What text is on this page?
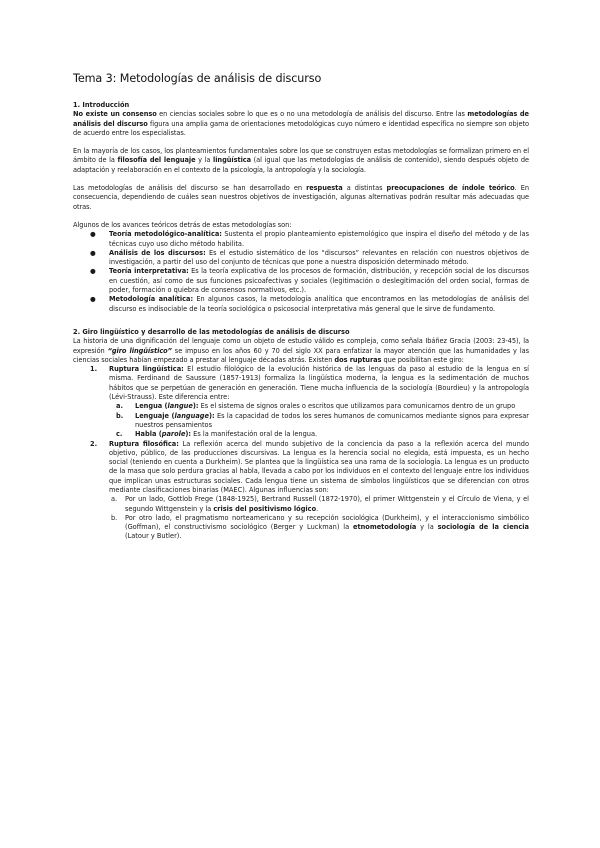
Tema 3: Metodologías de análisis de discurso
1. Introducción

No existe un consenso en ciencias sociales sobre lo que es o no una metodología de análisis del discurso. Entre las metodologías de análisis del discurso figura una amplia gama de orientaciones metodológicas cuyo número e identidad específica no siempre son objeto de acuerdo entre los especialistas.

En la mayoría de los casos, los planteamientos fundamentales sobre los que se construyen estas metodologías se formalizan primero en el ámbito de la filosofía del lenguaje y la lingüística (al igual que las metodologías de análisis de contenido), siendo después objeto de adaptación y reelaboración en el contexto de la psicología, la antropología y la sociología.

Las metodologías de análisis del discurso se han desarrollado en respuesta a distintas preocupaciones de índole teórico. En consecuencia, dependiendo de cuáles sean nuestros objetivos de investigación, algunas alternativas podrán resultar más adecuadas que otras.

Algunos de los avances teóricos detrás de estas metodologías son:

● Teoría metodológico-analítica: Sustenta el propio planteamiento epistemológico que inspira el diseño del método y de las técnicas cuyo uso dicho método habilita.
● Análisis de los discursos: Es el estudio sistemático de los “discursos” relevantes en relación con nuestros objetivos de investigación, a partir del uso del conjunto de técnicas que pone a nuestra disposición determinado método.
● Teoría interpretativa: Es la teoría explicativa de los procesos de formación, distribución, y recepción social de los discursos en cuestión, así como de sus funciones psicoafectivas y sociales (legitimación o deslegitimación del orden social, formas de poder, formación o quiebra de consensos normativos, etc.).
● Metodología analítica: En algunos casos, la metodología analítica que encontramos en las metodologías de análisis del discurso es indisociable de la teoría sociológica o psicosocial interpretativa más general que le sirve de fundamento.
2. Giro lingüístico y desarrollo de las metodologías de análisis de discurso

La historia de una dignificación del lenguaje como un objeto de estudio válido es compleja, como señala Ibáñez Gracia (2003: 23-45), la expresión “giro lingüístico” se impuso en los años 60 y 70 del siglo XX para enfatizar la mayor atención que las humanidades y las ciencias sociales habían empezado a prestar al lenguaje décadas atrás. Existen dos rupturas que posibilitan este giro:

1. Ruptura lingüística: El estudio filológico de la evolución histórica de las lenguas da paso al estudio de la lengua en sí misma. Ferdinand de Saussure (1857-1913) formaliza la lingüística moderna, la lengua es la sedimentación de muchos hábitos que se perpetúan de generación en generación. Tiene mucha influencia de la sociología (Bourdieu) y la antropología (Lévi-Strauss). Este diferencia entre:
a. Lengua (langue): Es el sistema de signos orales o escritos que utilizamos para comunicarnos dentro de un grupo
b. Lenguaje (language): Es la capacidad de todos los seres humanos de comunicarnos mediante signos para expresar nuestros pensamientos
c. Habla (parole): Es la manifestación oral de la lengua.
2. Ruptura filosófica: La reflexión acerca del mundo subjetivo de la conciencia da paso a la reflexión acerca del mundo objetivo, público, de las producciones discursivas. La lengua es la herencia social no elegida, está impuesta, es un hecho social (teniendo en cuenta a Durkheim). Se plantea que la lingüística sea una rama de la sociología. La lengua es un producto de la masa que solo perdura gracias al habla, llevada a cabo por los individuos en el contexto del lenguaje entre los individuos que implican unas estructuras sociales. Cada lengua tiene un sistema de símbolos lingüísticos que se diferencian con otros mediante clasificaciones binarias (MAEC). Algunas influencias son:
a. Por un lado, Gottlob Frege (1848-1925), Bertrand Russell (1872-1970), el primer Wittgenstein y el Círculo de Viena, y el segundo Wittgenstein y la crisis del positivismo lógico.
b. Por otro lado, el pragmatismo norteamericano y su recepción sociológica (Durkheim), y el interaccionismo simbólico (Goffman), el constructivismo sociológico (Berger y Luckman) la etnometodología y la sociología de la ciencia (Latour y Butler).
